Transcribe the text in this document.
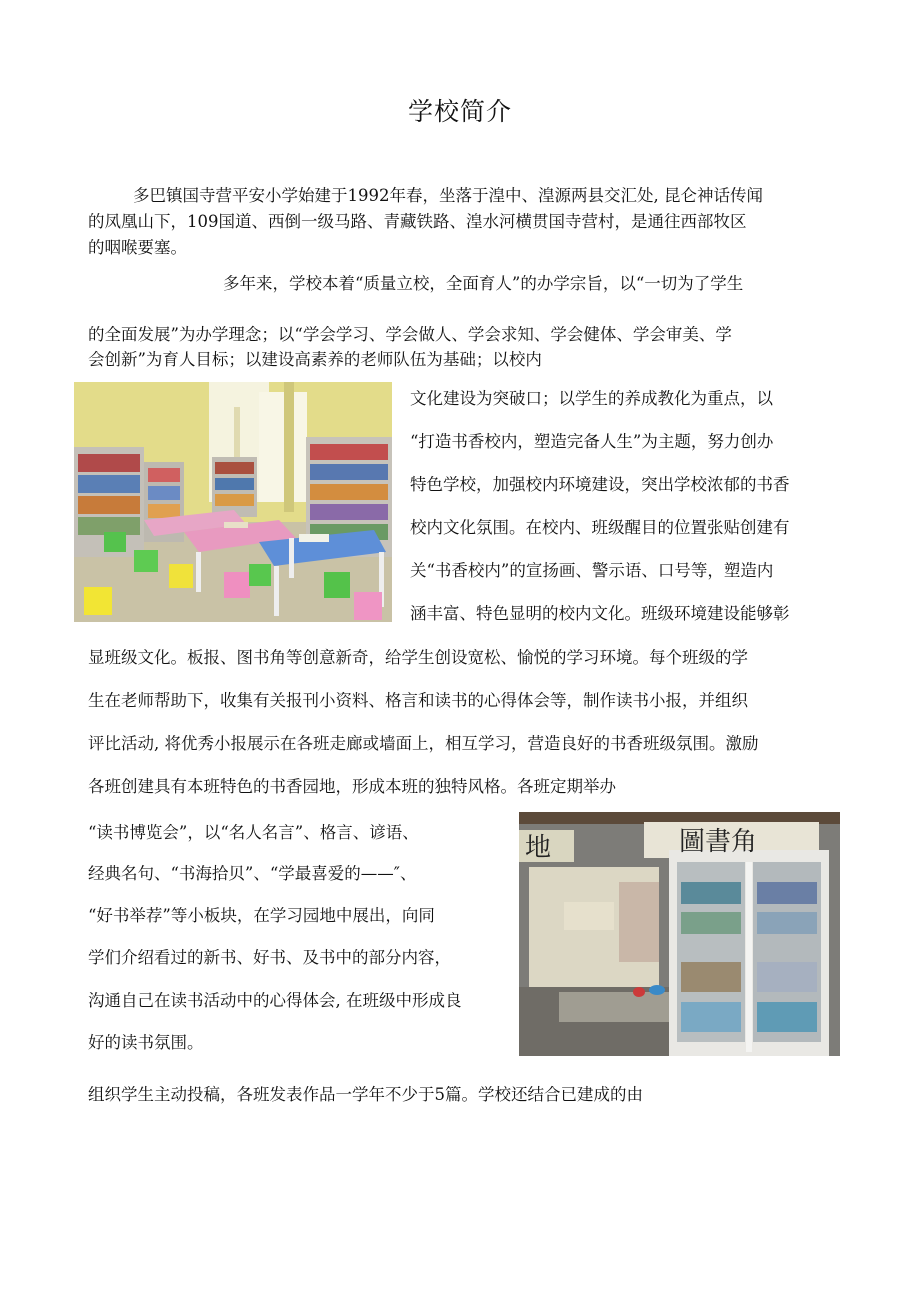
学校简介
多巴镇国寺营平安小学始建于1992年春，坐落于湟中、湟源两县交汇处, 昆仑神话传闻
的凤凰山下，109国道、西倒一级马路、青藏铁路、湟水河横贯国寺营村，是通往西部牧区
的咽喉要塞。
多年来，学校本着“质量立校，全面育人”的办学宗旨，以“一切为了学生
的全面发展”为办学理念；以“学会学习、学会做人、学会求知、学会健体、学会审美、学
会创新”为育人目标；以建设高素养的老师队伍为基础；以校内
文化建设为突破口；以学生的养成教化为重点，以
“打造书香校内，塑造完备人生”为主题，努力创办
特色学校，加强校内环境建设，突出学校浓郁的书香
校内文化氛围。在校内、班级醒目的位置张贴创建有
关“书香校内”的宣扬画、警示语、口号等，塑造内
涵丰富、特色显明的校内文化。班级环境建设能够彰
显班级文化。板报、图书角等创意新奇，给学生创设宽松、愉悦的学习环境。每个班级的学
生在老师帮助下，收集有关报刊小资料、格言和读书的心得体会等，制作读书小报，并组织
评比活动, 将优秀小报展示在各班走廊或墙面上，相互学习，营造良好的书香班级氛围。激励
各班创建具有本班特色的书香园地，形成本班的独特风格。各班定期举办
“读书博览会”，以“名人名言”、格言、谚语、
经典名句、“书海拾贝”、“学最喜爱的——″、
“好书举荐”等小板块，在学习园地中展出，向同
学们介绍看过的新书、好书、及书中的部分内容，
沟通自己在读书活动中的心得体会, 在班级中形成良
好的读书氛围。
圖書角
地
组织学生主动投稿，各班发表作品一学年不少于5篇。学校还结合已建成的由
